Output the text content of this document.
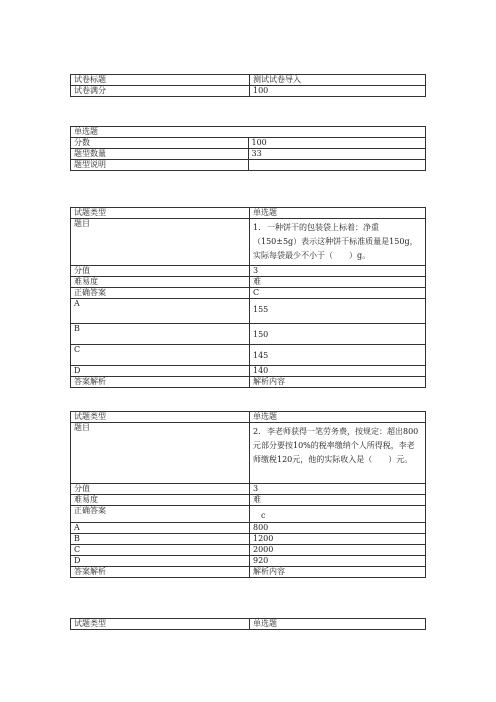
试卷标题	测试试卷导入
试卷满分	100
单选题	
分数	100
题型数量	33
题型说明	
试题类型	单选题
题目	1. 一种饼干的包装袋上标着：净重（150±5g）表示这种饼干标准质量是150g，实际每袋最少不小于（　　）g。
分值	3
难易度	难
正确答案	C
A	155

B	150

C	145

D	140
答案解析	解析内容
试题类型	单选题
题目	2. 李老师获得一笔劳务费，按规定：超出800元部分要按10%的税率缴纳个人所得税，李老师缴税120元，他的实际收入是（　　）元。
分值	3
难易度	难
正确答案	c

A	800
B	1200
C	2000
D	920
答案解析	解析内容
试题类型	单选题
